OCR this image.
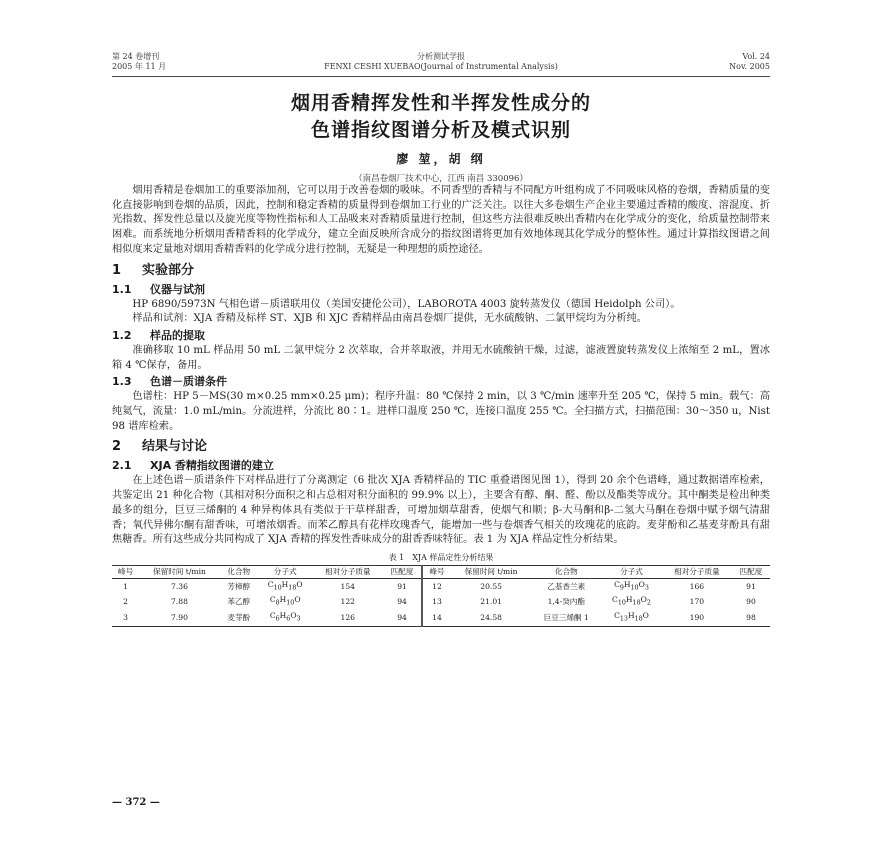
第 24 卷增刊
2005 年 11 月
分析测试学报
FENXI CESHI XUEBAO(Journal of Instrumental Analysis)
Vol. 24
Nov. 2005
烟用香精挥发性和半挥发性成分的
色谱指纹图谱分析及模式识别
廖 堃，胡 纲
（南昌卷烟厂技术中心，江西 南昌 330096）

烟用香精是卷烟加工的重要添加剂，它可以用于改善卷烟的吸味。不同香型的香精与不同配方叶组构成了不同吸味风格的卷烟，香精质量的变化直接影响到卷烟的品质，因此，控制和稳定香精的质量得到卷烟加工行业的广泛关注。以往大多卷烟生产企业主要通过香精的酸度、溶混度、折光指数、挥发性总量以及旋光度等物性指标和人工品吸来对香精质量进行控制，但这些方法很难反映出香精内在化学成分的变化，给质量控制带来困难。而系统地分析烟用香精香料的化学成分，建立全面反映所含成分的指纹图谱将更加有效地体现其化学成分的整体性。通过计算指纹图谱之间相似度来定量地对烟用香精香料的化学成分进行控制，无疑是一种理想的质控途径。

1 实验部分
1.1 仪器与试剂

HP 6890/5973N 气相色谱－质谱联用仪（美国安捷伦公司），LABOROTA 4003 旋转蒸发仪（德国 Heidolph 公司）。

样品和试剂：XJA 香精及标样 ST、XJB 和 XJC 香精样品由南昌卷烟厂提供，无水硫酸钠、二氯甲烷均为分析纯。

1.2 样品的提取

准确移取 10 mL 样品用 50 mL 二氯甲烷分 2 次萃取，合并萃取液，并用无水硫酸钠干燥，过滤，滤液置旋转蒸发仪上浓缩至 2 mL，置冰箱 4 ℃保存，备用。

1.3 色谱－质谱条件

色谱柱：HP 5－MS(30 m×0.25 mm×0.25 μm)；程序升温：80 ℃保持 2 min，以 3 ℃/min 速率升至 205 ℃，保持 5 min。载气：高纯氦气，流量：1.0 mL/min。分流进样，分流比 80∶1。进样口温度 250 ℃，连接口温度 255 ℃。全扫描方式，扫描范围：30～350 u，Nist 98 谱库检索。

2 结果与讨论
2.1 XJA 香精指纹图谱的建立

在上述色谱－质谱条件下对样品进行了分离测定（6 批次 XJA 香精样品的 TIC 重叠谱图见图 1），得到 20 余个色谱峰，通过数据谱库检索，共鉴定出 21 种化合物（其相对积分面积之和占总相对积分面积的 99.9% 以上），主要含有醇、酮、醛、酚以及酯类等成分。其中酮类是检出种类最多的组分，巨豆三烯酮的 4 种异构体具有类似于干草样甜香，可增加烟草甜香，使烟气和顺；β-大马酮和β-二氢大马酮在卷烟中赋予烟气清甜香；氧代异佛尔酮有甜香味，可增浓烟香。而苯乙醇具有花样玫瑰香气，能增加一些与卷烟香气相关的玫瑰花的底韵。麦芽酚和乙基麦芽酚具有甜焦糖香。所有这些成分共同构成了 XJA 香精的挥发性香味成分的甜香香味特征。表 1 为 XJA 样品定性分析结果。

表 1　XJA 样品定性分析结果
峰号	保留时间 t/min	化合物	分子式	相对分子质量	匹配度	峰号	保留时间 t/min	化合物	分子式	相对分子质量	匹配度
1	7.36	芳樟醇	$C_{10}H_{18}O$	154	91	12	20.55	乙基香兰素	$C_9H_{10}O_3$	166	91
2	7.88	苯乙醇	$C_8H_{10}O$	122	94	13	21.01	1,4-癸内酯	$C_{10}H_{18}O_2$	170	90
3	7.90	麦芽酚	$C_6H_6O_3$	126	94	14	24.58	巨豆三烯酮 1	$C_{13}H_{18}O$	190	98
— 372 —
